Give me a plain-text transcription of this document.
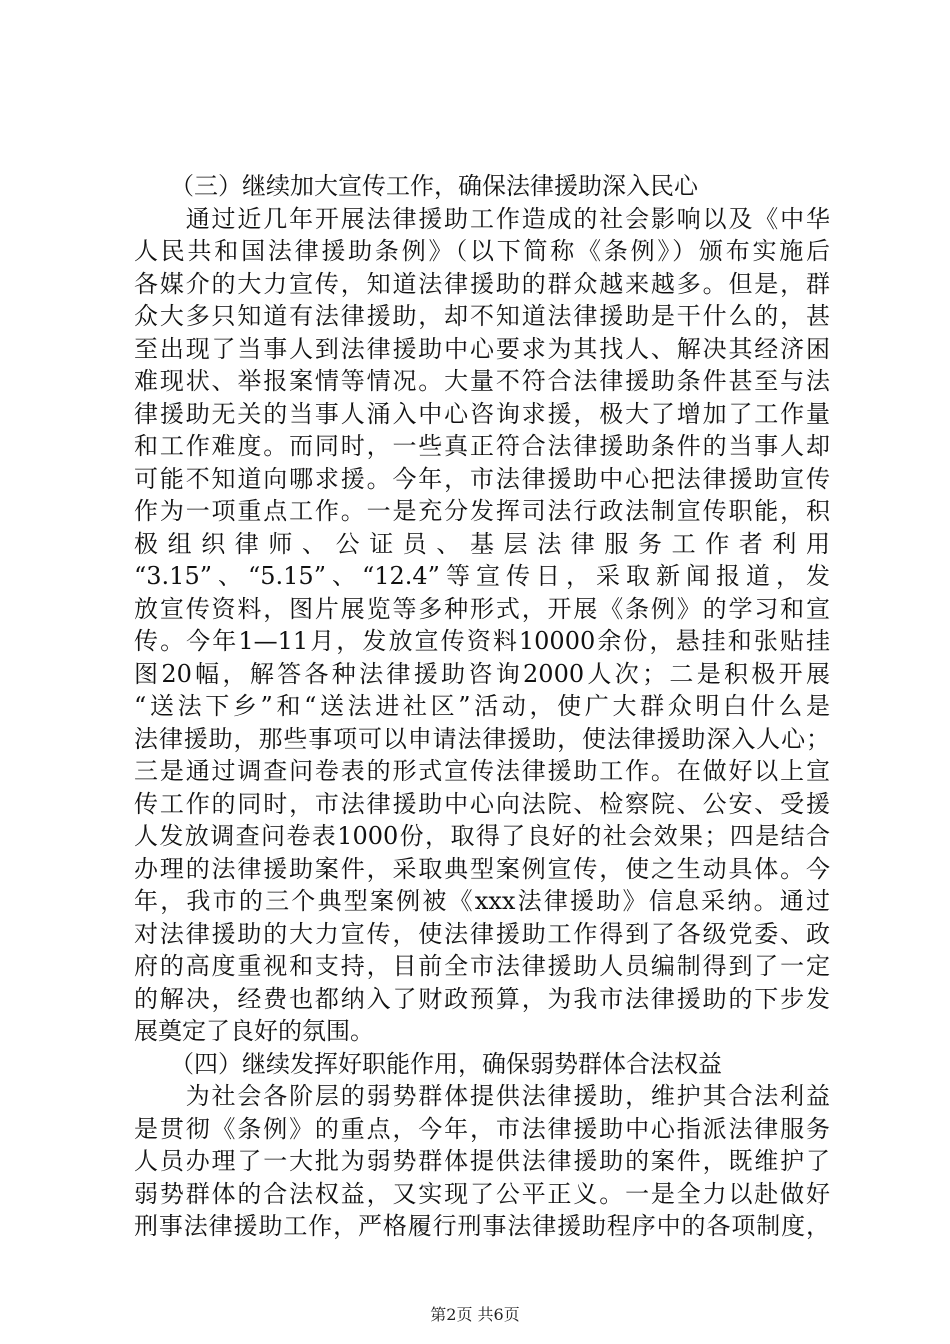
　　（三）继续加大宣传工作，确保法律援助深入民心
　　通过近几年开展法律援助工作造成的社会影响以及《中华
人民共和国法律援助条例》（以下简称《条例》）颁布实施后
各媒介的大力宣传，知道法律援助的群众越来越多。但是，群
众大多只知道有法律援助，却不知道法律援助是干什么的，甚
至出现了当事人到法律援助中心要求为其找人、解决其经济困
难现状、举报案情等情况。大量不符合法律援助条件甚至与法
律援助无关的当事人涌入中心咨询求援，极大了增加了工作量
和工作难度。而同时，一些真正符合法律援助条件的当事人却
可能不知道向哪求援。今年，市法律援助中心把法律援助宣传
作为一项重点工作。一是充分发挥司法行政法制宣传职能，积
极组织律师、公证员、基层法律服务工作者利用
“3.15”、“5.15”、“12.4”等宣传日，采取新闻报道，发
放宣传资料，图片展览等多种形式，开展《条例》的学习和宣
传。今年1—11月，发放宣传资料10000余份，悬挂和张贴挂
图20幅，解答各种法律援助咨询2000人次；二是积极开展
“送法下乡”和“送法进社区”活动，使广大群众明白什么是
法律援助，那些事项可以申请法律援助，使法律援助深入人心；
三是通过调查问卷表的形式宣传法律援助工作。在做好以上宣
传工作的同时，市法律援助中心向法院、检察院、公安、受援
人发放调查问卷表1000份，取得了良好的社会效果；四是结合
办理的法律援助案件，采取典型案例宣传，使之生动具体。今
年，我市的三个典型案例被《xxx法律援助》信息采纳。通过
对法律援助的大力宣传，使法律援助工作得到了各级党委、政
府的高度重视和支持，目前全市法律援助人员编制得到了一定
的解决，经费也都纳入了财政预算，为我市法律援助的下步发
展奠定了良好的氛围。
　　（四）继续发挥好职能作用，确保弱势群体合法权益
　　为社会各阶层的弱势群体提供法律援助，维护其合法利益
是贯彻《条例》的重点，今年，市法律援助中心指派法律服务
人员办理了一大批为弱势群体提供法律援助的案件，既维护了
弱势群体的合法权益，又实现了公平正义。一是全力以赴做好
刑事法律援助工作，严格履行刑事法律援助程序中的各项制度，
第2页 共6页
